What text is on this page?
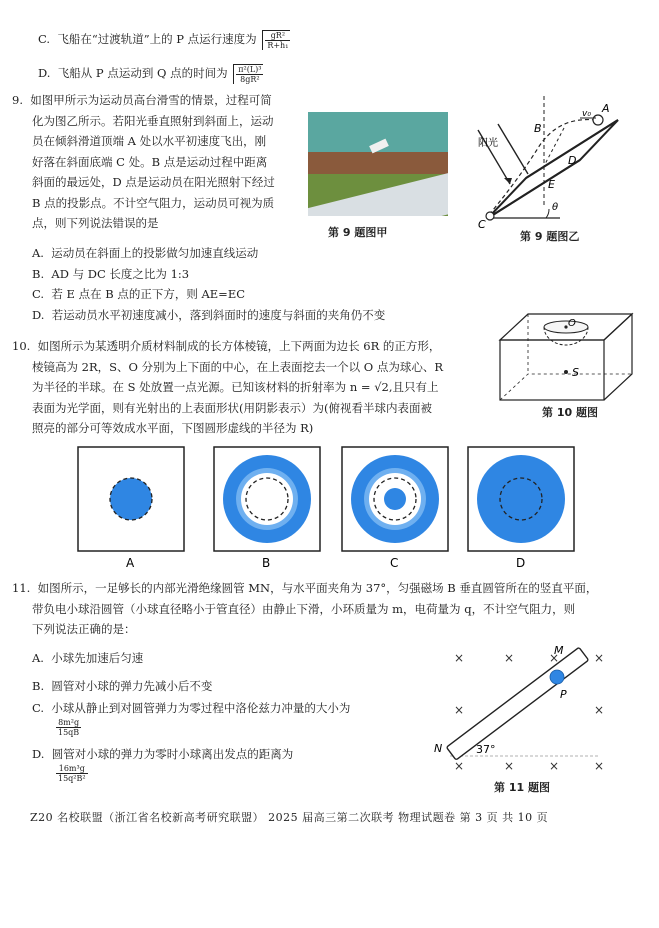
C. 飞船在“过渡轨道”上的 P 点运行速度为 $\frac{\text{gR²}}{\text{R+h₁}}$
D. 飞船从 P 点运动到 Q 点的时间为 $\frac{\text{π²(L)³}}{\text{8gR²}}$
9. 如图甲所示为运动员高台滑雪的情景，过程可简
化为图乙所示。若阳光垂直照射到斜面上，运动
员在倾斜滑道顶端 A 处以水平初速度飞出，刚
好落在斜面底端 C 处。B 点是运动过程中距离
斜面的最远处，D 点是运动员在阳光照射下经过
B 点的投影点。不计空气阻力，运动员可视为质
点，则下列说法错误的是
A. 运动员在斜面上的投影做匀加速直线运动
B. AD 与 DC 长度之比为 1:3
C. 若 E 点在 B 点的正下方，则 AE=EC
D. 若运动员水平初速度减小，落到斜面时的速度与斜面的夹角仍不变
第 9 题图甲
阳光
A
B
C
D
E
v₀
θ
第 9 题图乙
10. 如图所示为某透明介质材料制成的长方体棱镜，上下两面为边长 6R 的正方形，
棱镜高为 2R，S、O 分别为上下面的中心，在上表面挖去一个以 O 点为球心、R
为半径的半球。在 S 处放置一点光源。已知该材料的折射率为 n = √2,且只有上
表面为光学面，则有光射出的上表面形状(用阴影表示）为(俯视看半球内表面被
照亮的部分可等效成水平面，下图圆形虚线的半径为 R)
O
S
第 10 题图
A	B	C	D
11. 如图所示，一足够长的内部光滑绝缘圆管 MN，与水平面夹角为 37°，匀强磁场 B 垂直圆管所在的竖直平面，
带负电小球沿圆管（小球直径略小于管直径）由静止下滑，小环质量为 m，电荷量为 q，不计空气阻力，则
下列说法正确的是：
A. 小球先加速后匀速
B. 圆管对小球的弹力先减小后不变
C. 小球从静止到对圆管弹力为零过程中洛伦兹力冲量的大小为
$\frac{\text{8m²g}}{15qB}$
D. 圆管对小球的弹力为零时小球离出发点的距离为
$\frac{\text{16m³g}}{\text{15q²B²}}$
×	×	×	×
×	×
×	×	×	×
M
N
P
37°
第 11 题图
Z20 名校联盟（浙江省名校新高考研究联盟） 2025 届高三第二次联考 物理试题卷 第 3 页 共 10 页
